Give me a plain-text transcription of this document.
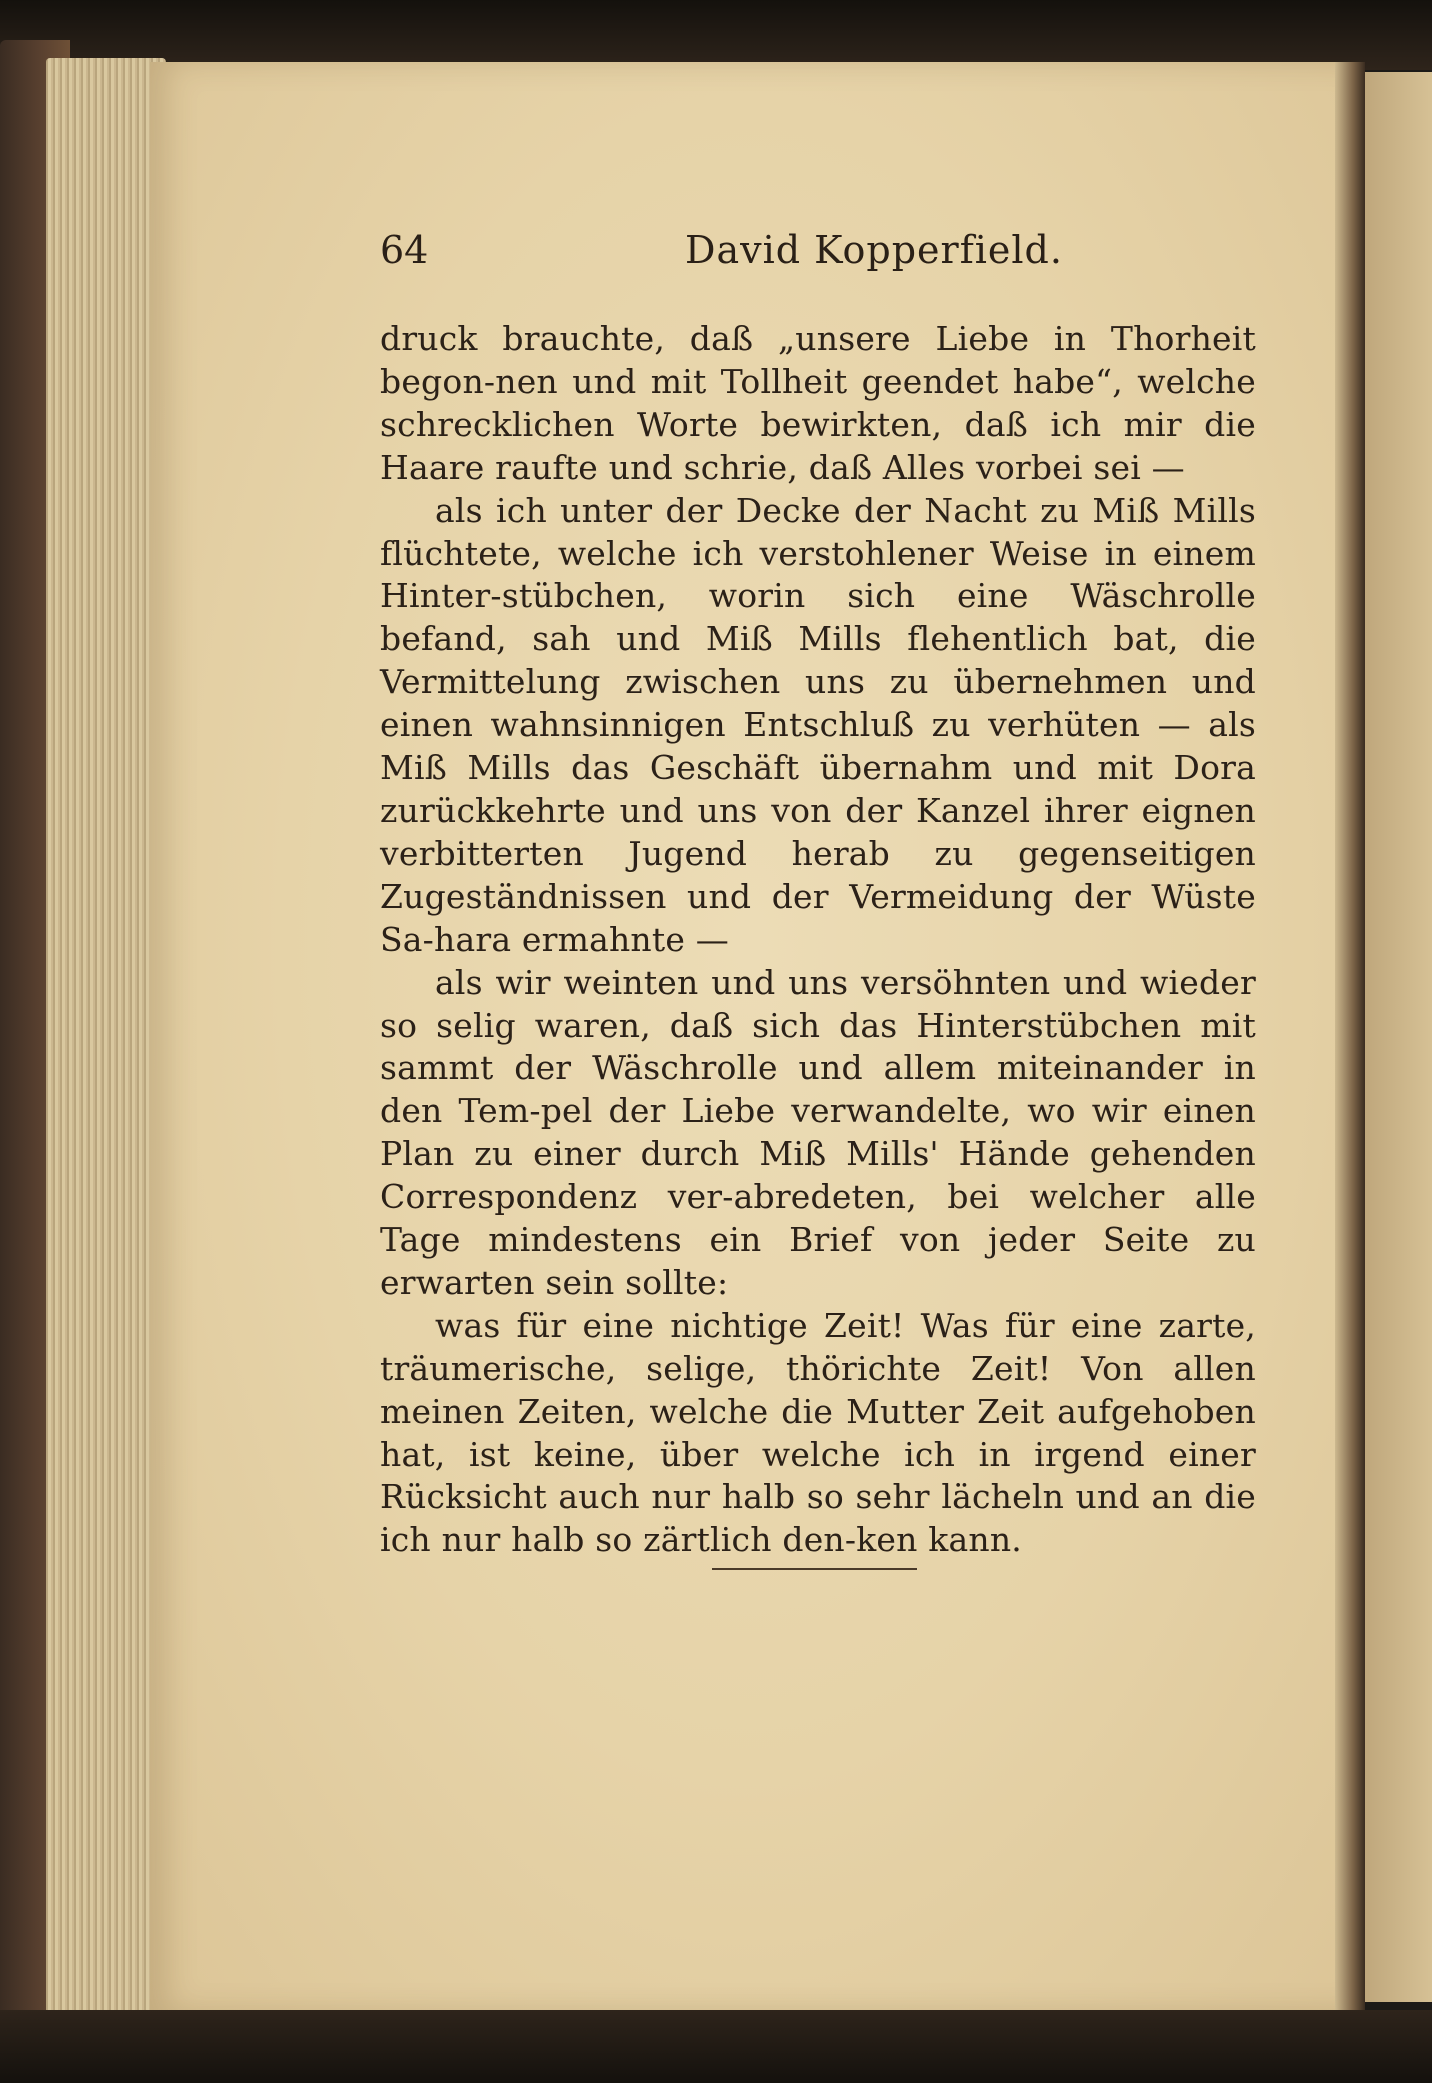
64	David Kopperfield.

druck brauchte, daß „unsere Liebe in Thorheit begon-nen und mit Tollheit geendet habe“, welche schrecklichen Worte bewirkten, daß ich mir die Haare raufte und schrie, daß Alles vorbei sei —

als ich unter der Decke der Nacht zu Miß Mills flüchtete, welche ich verstohlener Weise in einem Hinter-stübchen, worin sich eine Wäschrolle befand, sah und Miß Mills flehentlich bat, die Vermittelung zwischen uns zu übernehmen und einen wahnsinnigen Entschluß zu verhüten — als Miß Mills das Geschäft übernahm und mit Dora zurückkehrte und uns von der Kanzel ihrer eignen verbitterten Jugend herab zu gegenseitigen Zugeständnissen und der Vermeidung der Wüste Sa-hara ermahnte —

als wir weinten und uns versöhnten und wieder so selig waren, daß sich das Hinterstübchen mit sammt der Wäschrolle und allem miteinander in den Tem-pel der Liebe verwandelte, wo wir einen Plan zu einer durch Miß Mills' Hände gehenden Correspondenz ver-abredeten, bei welcher alle Tage mindestens ein Brief von jeder Seite zu erwarten sein sollte:

was für eine nichtige Zeit! Was für eine zarte, träumerische, selige, thörichte Zeit! Von allen meinen Zeiten, welche die Mutter Zeit aufgehoben hat, ist keine, über welche ich in irgend einer Rücksicht auch nur halb so sehr lächeln und an die ich nur halb so zärtlich den-ken kann.
